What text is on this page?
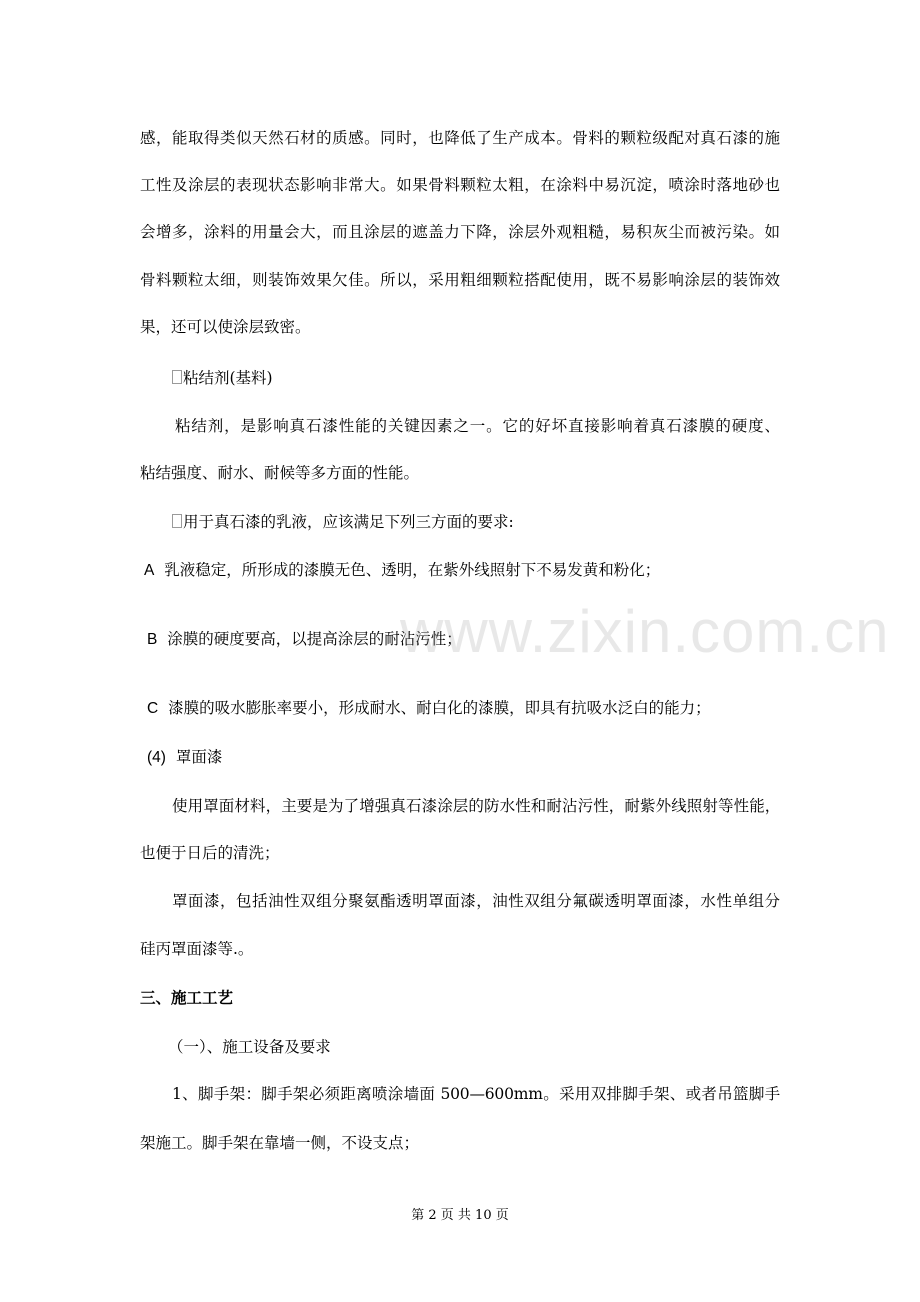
感，能取得类似天然石材的质感。同时，也降低了生产成本。骨料的颗粒级配对真石漆的施
工性及涂层的表现状态影响非常大。如果骨料颗粒太粗，在涂料中易沉淀，喷涂时落地砂也
会增多，涂料的用量会大，而且涂层的遮盖力下降，涂层外观粗糙，易积灰尘而被污染。如
骨料颗粒太细，则装饰效果欠佳。所以，采用粗细颗粒搭配使用，既不易影响涂层的装饰效
果，还可以使涂层致密。
粘结剂(基料)
粘结剂，是影响真石漆性能的关键因素之一。它的好坏直接影响着真石漆膜的硬度、
粘结强度、耐水、耐候等多方面的性能。
用于真石漆的乳液，应该满足下列三方面的要求:
A 乳液稳定，所形成的漆膜无色、透明，在紫外线照射下不易发黄和粉化；
B 涂膜的硬度要高，以提高涂层的耐沾污性；
C 漆膜的吸水膨胀率要小，形成耐水、耐白化的漆膜，即具有抗吸水泛白的能力；
(4) 罩面漆
使用罩面材料，主要是为了增强真石漆涂层的防水性和耐沾污性，耐紫外线照射等性能，
也便于日后的清洗；
罩面漆，包括油性双组分聚氨酯透明罩面漆，油性双组分氟碳透明罩面漆，水性单组分
硅丙罩面漆等.。
三、施工工艺
（一）、施工设备及要求
1、脚手架：脚手架必须距离喷涂墙面 500—600mm。采用双排脚手架、或者吊篮脚手
架施工。脚手架在靠墙一侧，不设支点；
www.zixin.com.cn
第 2 页 共 10 页
